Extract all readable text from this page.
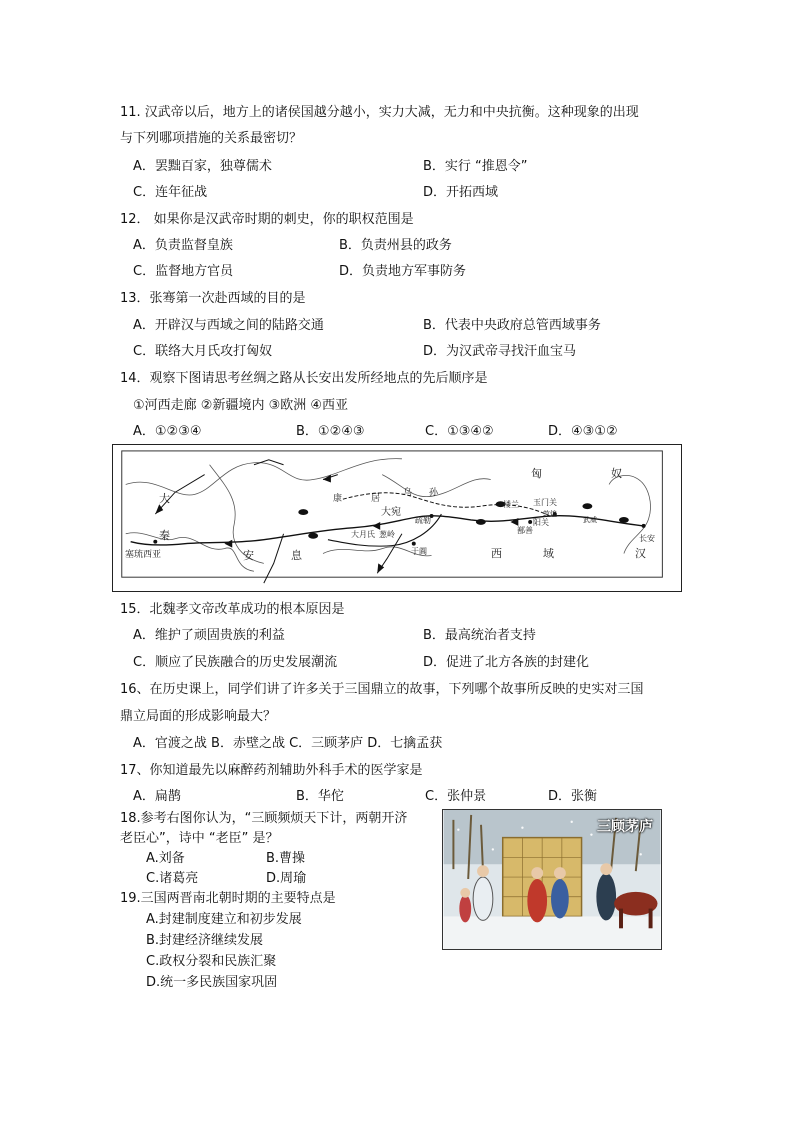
11. 汉武帝以后，地方上的诸侯国越分越小，实力大减，无力和中央抗衡。这种现象的出现
与下列哪项措施的关系最密切？
A．罢黜百家，独尊儒术	B．实行 “推恩令”
C．连年征战	D．开拓西域
12． 如果你是汉武帝时期的刺史，你的职权范围是
A．负责监督皇族	B．负责州县的政务
C．监督地方官员	D．负责地方军事防务
13．张骞第一次赴西域的目的是
A．开辟汉与西域之间的陆路交通	B．代表中央政府总管西域事务
C．联络大月氏攻打匈奴	D．为汉武帝寻找汗血宝马
14．观察下图请思考丝绸之路从长安出发所经地点的先后顺序是
①河西走廊 ②新疆境内 ③欧洲 ④西亚
A．①②③④	B．①②④③	C．①③④②	D．④③①②
匈	奴
大
秦
塞琉西亚	安	息
康	居
乌 孙
大宛
疏勒
大月氏 葱岭
于阗	西	域
鄯善
阳关
玉门关
楼兰
敦煌
武威
长安
汉
15．北魏孝文帝改革成功的根本原因是
A．维护了顽固贵族的利益	B．最高统治者支持
C．顺应了民族融合的历史发展潮流	D．促进了北方各族的封建化
16、在历史课上，同学们讲了许多关于三国鼎立的故事，下列哪个故事所反映的史实对三国
鼎立局面的形成影响最大？
A．官渡之战 B．赤壁之战 C．三顾茅庐 D．七擒孟获
17、你知道最先以麻醉药剂辅助外科手术的医学家是
A．扁鹊	B．华佗	C．张仲景	D．张衡
18.参考右图你认为，“三顾频烦天下计，两朝开济
老臣心”，诗中 “老臣” 是？
A.刘备	B.曹操
C.诸葛亮	D.周瑜
三顾茅庐
19.三国两晋南北朝时期的主要特点是
A.封建制度建立和初步发展
B.封建经济继续发展
C.政权分裂和民族汇聚
D.统一多民族国家巩固
